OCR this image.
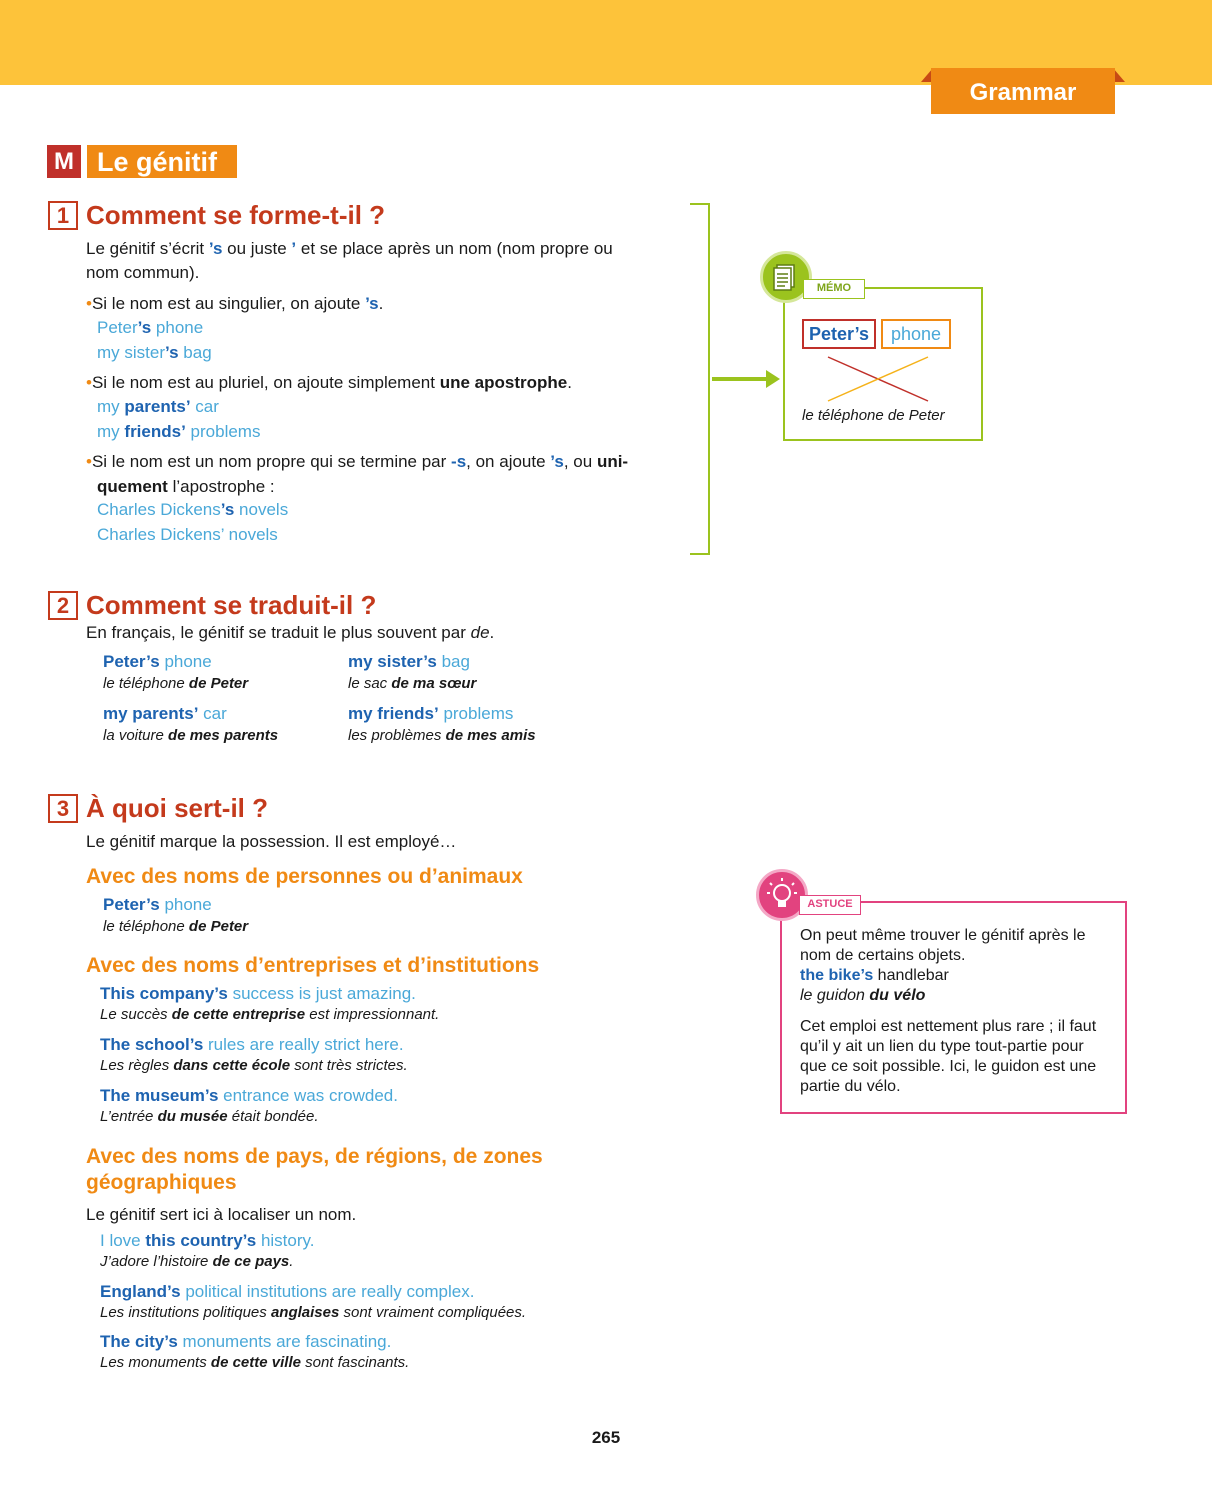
Grammar
M Le génitif
1 Comment se forme-t-il ?
Le génitif s’écrit ’s ou juste ’ et se place après un nom (nom propre ou
nom commun).
•Si le nom est au singulier, on ajoute ’s.
Peter’s phone
my sister’s bag
•Si le nom est au pluriel, on ajoute simplement une apostrophe.
my parents’ car
my friends’ problems
•Si le nom est un nom propre qui se termine par -s, on ajoute ’s, ou uni-
quement l’apostrophe :
Charles Dickens’s novels
Charles Dickens’ novels
MÉMO
Peter’s	phone
le téléphone de Peter
2 Comment se traduit-il ?
En français, le génitif se traduit le plus souvent par de.
Peter’s phone
le téléphone de Peter
my sister’s bag
le sac de ma sœur
my parents’ car
la voiture de mes parents
my friends’ problems
les problèmes de mes amis
3 À quoi sert-il ?
Le génitif marque la possession. Il est employé…
Avec des noms de personnes ou d’animaux
Peter’s phone
le téléphone de Peter
Avec des noms d’entreprises et d’institutions
This company’s success is just amazing.
Le succès de cette entreprise est impressionnant.
The school’s rules are really strict here.
Les règles dans cette école sont très strictes.
The museum’s entrance was crowded.
L’entrée du musée était bondée.
Avec des noms de pays, de régions, de zones
géographiques
Le génitif sert ici à localiser un nom.
I love this country’s history.
J’adore l’histoire de ce pays.
England’s political institutions are really complex.
Les institutions politiques anglaises sont vraiment compliquées.
The city’s monuments are fascinating.
Les monuments de cette ville sont fascinants.
ASTUCE
On peut même trouver le génitif après le
nom de certains objets.
the bike’s handlebar
le guidon du vélo
Cet emploi est nettement plus rare ; il faut
qu’il y ait un lien du type tout-partie pour
que ce soit possible. Ici, le guidon est une
partie du vélo.
265
